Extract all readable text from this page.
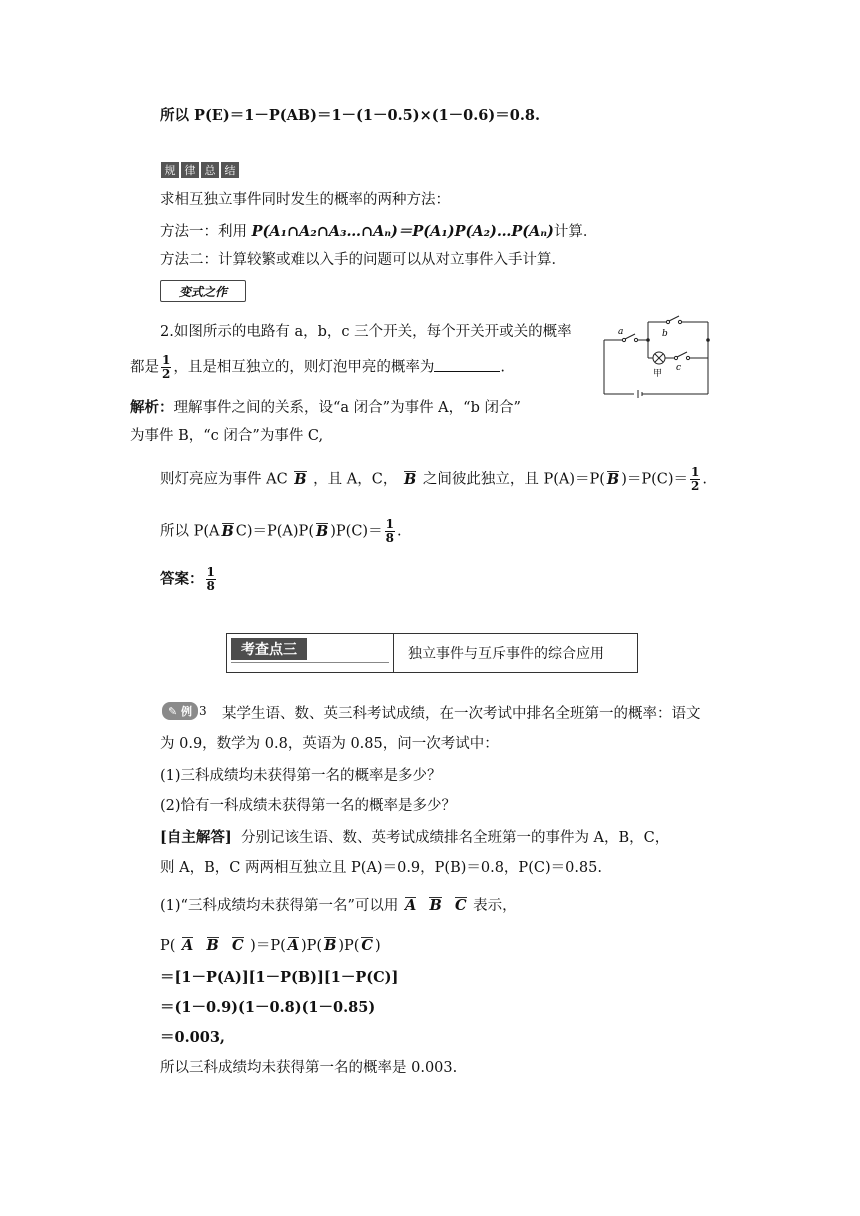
所以 P(E)＝1－P(AB)＝1－(1－0.5)×(1－0.6)＝0.8.
规 律 总 结
求相互独立事件同时发生的概率的两种方法：
方法一：利用 P(A₁∩A₂∩A₃…∩Aₙ)＝P(A₁)P(A₂)…P(Aₙ)计算．
方法二：计算较繁或难以入手的问题可以从对立事件入手计算．
变式之作
2.如图所示的电路有 a，b，c 三个开关，每个开关开或关的概率
都是 $\frac{1}{2}$ ，且是相互独立的，则灯泡甲亮的概率为	.
a	b
c
甲
解析：理解事件之间的关系，设“a 闭合”为事件 A，“b 闭合”
为事件 B，“c 闭合”为事件 C,
则灯亮应为事件 AC B ，且 A，C， B 之间彼此独立，且 P(A)＝P( B )$=P(C)= \frac{1}{2}$ .
所以 P(A B C)＝P(A)P( B )$P(C)= \frac{1}{8}$ .
答案： $\frac{1}{8}$
考查点三	独立事件与互斥事件的综合应用
✎ 例 3 某学生语、数、英三科考试成绩，在一次考试中排名全班第一的概率：语文
为 0.9，数学为 0.8，英语为 0.85，问一次考试中：
(1)三科成绩均未获得第一名的概率是多少？
(2)恰有一科成绩未获得第一名的概率是多少？
[自主解答] 分别记该生语、数、英考试成绩排名全班第一的事件为 A，B，C，
则 A，B，C 两两相互独立且 P(A)＝0.9，P(B)＝0.8，P(C)＝0.85.
(1)“三科成绩均未获得第一名”可以用 A B C 表示，
P( A B C )＝P( A )P( B )P( C )
＝[1－P(A)][1－P(B)][1－P(C)]
＝(1－0.9)(1－0.8)(1－0.85)
＝0.003,
所以三科成绩均未获得第一名的概率是 0.003.
